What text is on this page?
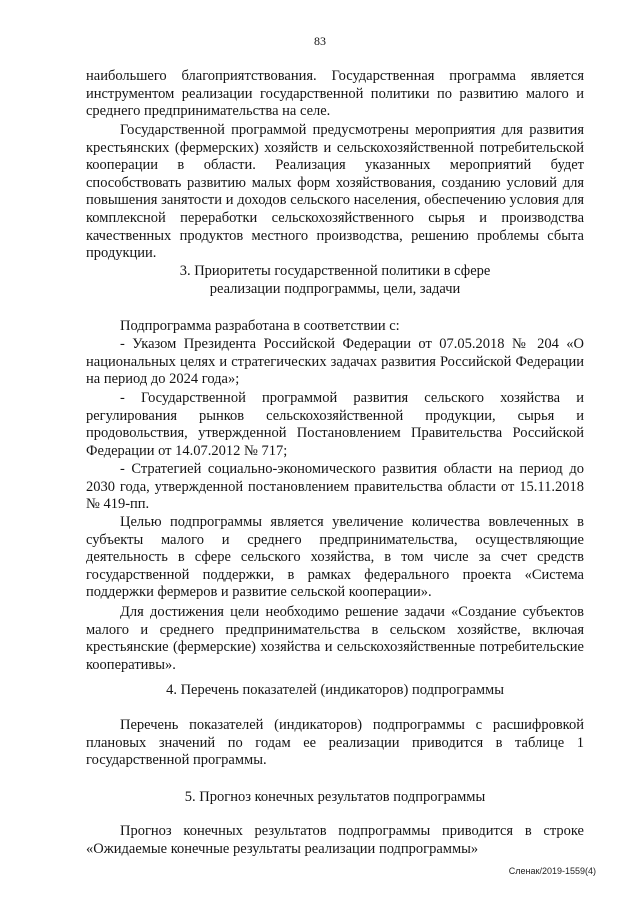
83

наибольшего благоприятствования. Государственная программа является инструментом реализации государственной политики по развитию малого и среднего предпринимательства на селе.

Государственной программой предусмотрены мероприятия для развития крестьянских (фермерских) хозяйств и сельскохозяйственной потребительской кооперации в области. Реализация указанных мероприятий будет способствовать развитию малых форм хозяйствования, созданию условий для повышения занятости и доходов сельского населения, обеспечению условия для комплексной переработки сельскохозяйственного сырья и производства качественных продуктов местного производства, решению проблемы сбыта продукции.

3. Приоритеты государственной политики в сфере

реализации подпрограммы, цели, задачи

Подпрограмма разработана в соответствии с:

- Указом Президента Российской Федерации от 07.05.2018 № 204 «О национальных целях и стратегических задачах развития Российской Федерации на период до 2024 года»;

- Государственной программой развития сельского хозяйства и регулирования рынков сельскохозяйственной продукции, сырья и продовольствия, утвержденной Постановлением Правительства Российской Федерации от 14.07.2012 № 717;

- Стратегией социально-экономического развития области на период до 2030 года, утвержденной постановлением правительства области от 15.11.2018 № 419-пп.

Целью подпрограммы является увеличение количества вовлеченных в субъекты малого и среднего предпринимательства, осуществляющие деятельность в сфере сельского хозяйства, в том числе за счет средств государственной поддержки, в рамках федерального проекта «Система поддержки фермеров и развитие сельской кооперации».

Для достижения цели необходимо решение задачи «Создание субъектов малого и среднего предпринимательства в сельском хозяйстве, включая крестьянские (фермерские) хозяйства и сельскохозяйственные потребительские кооперативы».

4. Перечень показателей (индикаторов) подпрограммы

Перечень показателей (индикаторов) подпрограммы с расшифровкой плановых значений по годам ее реализации приводится в таблице 1 государственной программы.

5. Прогноз конечных результатов подпрограммы

Прогноз конечных результатов подпрограммы приводится в строке «Ожидаемые конечные результаты реализации подпрограммы»

Сленак/2019-1559(4)
